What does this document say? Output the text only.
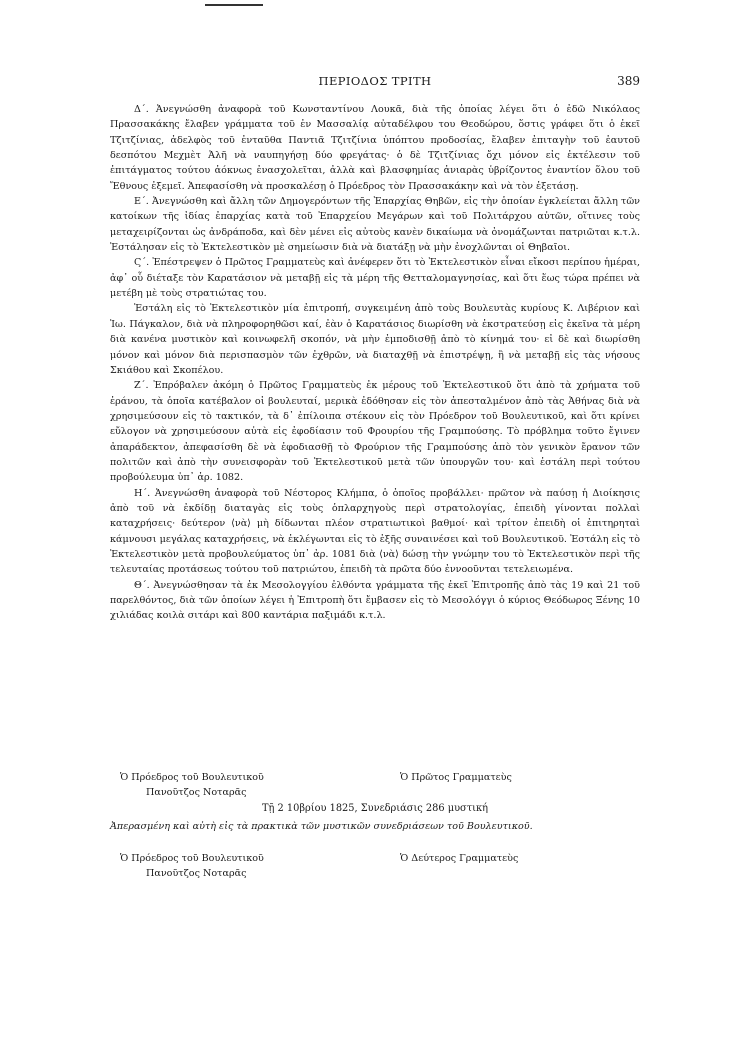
ΠΕΡΙΟΔΟΣ ΤΡΙΤΗ	389

Δ΄. Ἀνεγνώσθη ἀναφορὰ τοῦ Κωνσταντίνου Λουκᾶ, διὰ τῆς ὁποίας λέγει ὅτι ὁ ἐδῶ Νικόλαος Πρασσακάκης ἔλαβεν γράμματα τοῦ ἐν Μασσαλίᾳ αὐταδέλφου του Θεοδώρου, ὅστις γράφει ὅτι ὁ ἐκεῖ Τζιτζίνιας, ἀδελφὸς τοῦ ἐνταῦθα Παντιᾶ Τζιτζίνια ὑπόπτου προδοσίας, ἔλαβεν ἐπιταγὴν τοῦ ἑαυτοῦ δεσπότου Μεχμὲτ Ἀλῆ νὰ ναυπηγήσῃ δύο φρεγάτας· ὁ δὲ Τζιτζίνιας ὄχι μόνον εἰς ἐκτέλεσιν τοῦ ἐπιτάγματος τούτου ἀόκνως ἐνασχολεῖται, ἀλλὰ καὶ βλασφημίας ἀνιαρὰς ὑβρίζοντος ἐναντίον ὅλου τοῦ Ἔθνους ἐξεμεῖ. Ἀπεφασίσθη νὰ προσκαλέσῃ ὁ Πρόεδρος τὸν Πρασσακάκην καὶ νὰ τὸν ἐξετάσῃ.

Ε΄. Ἀνεγνώσθη καὶ ἄλλη τῶν Δημογερόντων τῆς Ἐπαρχίας Θηβῶν, εἰς τὴν ὁποίαν ἐγκλείεται ἄλλη τῶν κατοίκων τῆς ἰδίας ἐπαρχίας κατὰ τοῦ Ἐπαρχείου Μεγάρων καὶ τοῦ Πολιτάρχου αὐτῶν, οἵτινες τοὺς μεταχειρίζονται ὡς ἀνδράποδα, καὶ δὲν μένει εἰς αὐτοὺς κανὲν δικαίωμα νὰ ὀνομάζωνται πατριῶται κ.τ.λ. Ἐστάλησαν εἰς τὸ Ἐκτελεστικὸν μὲ σημείωσιν διὰ νὰ διατάξῃ νὰ μὴν ἐνοχλῶνται οἱ Θηβαῖοι.

Ϛ΄. Ἐπέστρεψεν ὁ Πρῶτος Γραμματεὺς καὶ ἀνέφερεν ὅτι τὸ Ἐκτελεστικὸν εἶναι εἴκοσι περίπου ἡμέραι, ἀφ᾽ οὗ διέταξε τὸν Καρατάσιον νὰ μεταβῇ εἰς τὰ μέρη τῆς Θετταλομαγνησίας, καὶ ὅτι ἕως τώρα πρέπει νὰ μετέβη μὲ τοὺς στρατιώτας του.

Ἐστάλη εἰς τὸ Ἐκτελεστικὸν μία ἐπιτροπή, συγκειμένη ἀπὸ τοὺς Βουλευτὰς κυρίους Κ. Λιβέριον καὶ Ἰω. Πάγκαλον, διὰ νὰ πληροφορηθῶσι καί, ἐὰν ὁ Καρατάσιος διωρίσθη νὰ ἐκστρατεύσῃ εἰς ἐκεῖνα τὰ μέρη διὰ κανένα μυστικὸν καὶ κοινωφελῆ σκοπόν, νὰ μὴν ἐμποδισθῇ ἀπὸ τὸ κίνημά του· εἰ δὲ καὶ διωρίσθη μόνον καὶ μόνον διὰ περισπασμὸν τῶν ἐχθρῶν, νὰ διαταχθῇ νὰ ἐπιστρέψῃ, ἢ νὰ μεταβῇ εἰς τὰς νήσους Σκιάθου καὶ Σκοπέλου.

Ζ΄. Ἐπρόβαλεν ἀκόμη ὁ Πρῶτος Γραμματεὺς ἐκ μέρους τοῦ Ἐκτελεστικοῦ ὅτι ἀπὸ τὰ χρήματα τοῦ ἐράνου, τὰ ὁποῖα κατέβαλον οἱ βουλευταί, μερικὰ ἐδόθησαν εἰς τὸν ἀπεσταλμένον ἀπὸ τὰς Ἀθήνας διὰ νὰ χρησιμεύσουν εἰς τὸ τακτικόν, τὰ δ᾽ ἐπίλοιπα στέκουν εἰς τὸν Πρόεδρον τοῦ Βουλευτικοῦ, καὶ ὅτι κρίνει εὔλογον νὰ χρησιμεύσουν αὐτὰ εἰς ἐφοδίασιν τοῦ Φρουρίου τῆς Γραμπούσης. Τὸ πρόβλημα τοῦτο ἔγινεν ἀπαράδεκτον, ἀπεφασίσθη δὲ νὰ ἐφοδιασθῇ τὸ Φρούριον τῆς Γραμπούσης ἀπὸ τὸν γενικὸν ἔρανον τῶν πολιτῶν καὶ ἀπὸ τὴν συνεισφορὰν τοῦ Ἐκτελεστικοῦ μετὰ τῶν ὑπουργῶν του· καὶ ἐστάλη περὶ τούτου προβούλευμα ὑπ᾽ ἀρ. 1082.

Η΄. Ἀνεγνώσθη ἀναφορὰ τοῦ Νέστορος Κλήμπα, ὁ ὁποῖος προβάλλει· πρῶτον νὰ παύσῃ ἡ Διοίκησις ἀπὸ τοῦ νὰ ἐκδίδῃ διαταγὰς εἰς τοὺς ὁπλαρχηγοὺς περὶ στρατολογίας, ἐπειδὴ γίνονται πολλαὶ καταχρήσεις· δεύτερον ⟨νὰ⟩ μὴ δίδωνται πλέον στρατιωτικοὶ βαθμοί· καὶ τρίτον ἐπειδὴ οἱ ἐπιτηρηταὶ κάμνουσι μεγάλας καταχρήσεις, νὰ ἐκλέγωνται εἰς τὸ ἑξῆς συναινέσει καὶ τοῦ Βουλευτικοῦ. Ἐστάλη εἰς τὸ Ἐκτελεστικὸν μετὰ προβουλεύματος ὑπ᾽ ἀρ. 1081 διὰ ⟨νὰ⟩ δώσῃ τὴν γνώμην του τὸ Ἐκτελεστικὸν περὶ τῆς τελευταίας προτάσεως τούτου τοῦ πατριώτου, ἐπειδὴ τὰ πρῶτα δύο ἐννοοῦνται τετελειωμένα.

Θ΄. Ἀνεγνώσθησαν τὰ ἐκ Μεσολογγίου ἐλθόντα γράμματα τῆς ἐκεῖ Ἐπιτροπῆς ἀπὸ τὰς 19 καὶ 21 τοῦ παρελθόντος, διὰ τῶν ὁποίων λέγει ἡ Ἐπιτροπὴ ὅτι ἔμβασεν εἰς τὸ Μεσολόγγι ὁ κύριος Θεόδωρος Ξένης 10 χιλιάδας κοιλὰ σιτάρι καὶ 800 καντάρια παξιμάδι κ.τ.λ.

Ὁ Πρόεδρος τοῦ Βουλευτικοῦ
Πανοῦτζος Νοταρᾶς
Ὁ Πρῶτος Γραμματεὺς
Τῇ 2 10βρίου 1825, Συνεδριάσις 286 μυστική
Ἀπερασμένη καὶ αὐτὴ εἰς τὰ πρακτικὰ τῶν μυστικῶν συνεδριάσεων τοῦ Βουλευτικοῦ.
Ὁ Πρόεδρος τοῦ Βουλευτικοῦ
Πανοῦτζος Νοταρᾶς
Ὁ Δεύτερος Γραμματεὺς
